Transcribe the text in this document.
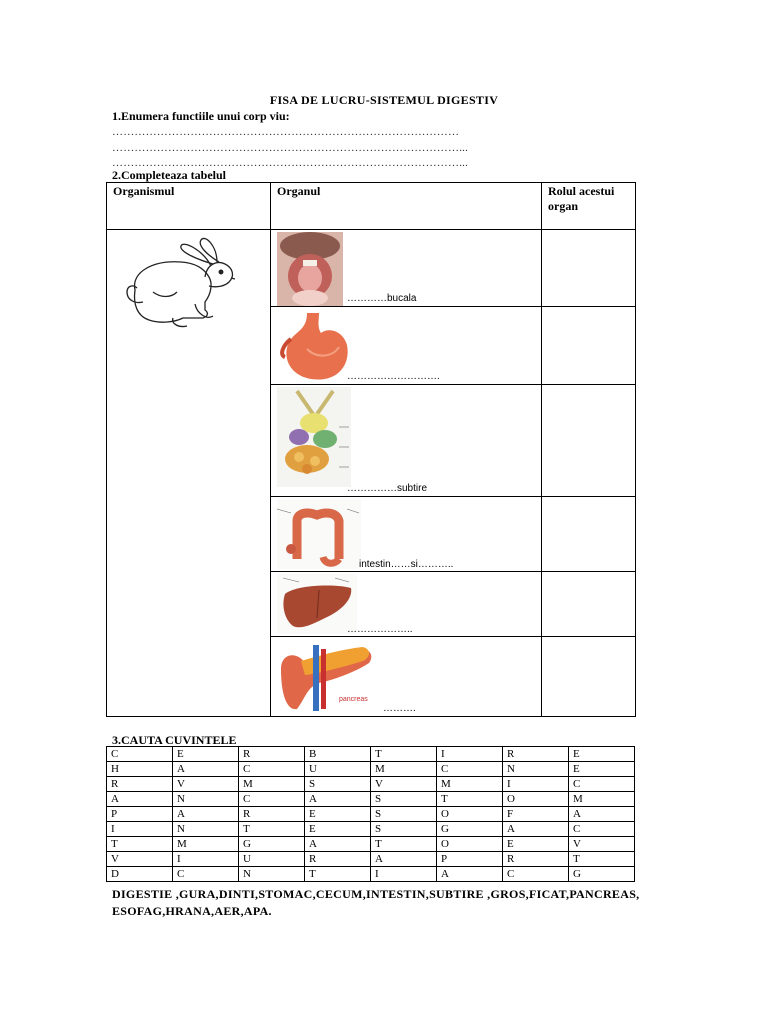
FISA DE LUCRU-SISTEMUL DIGESTIV
1.Enumera functiile unui corp viu:
…………………………………………………………………………………
…………………………………………………………………………………...
…………………………………………………………………………………...
2.Completeaza tabelul
Organismul	Organul	Rolul acestui organ

…………bucala	

	……………………….	

	……………subtire	

	intestin……si………..	

	………………..	

pancreas
……….	

3.CAUTA CUVINTELE
C	E	R	B	T	I	R	E
H	A	C	U	M	C	N	E
R	V	M	S	V	M	I	C
A	N	C	A	S	T	O	M
P	A	R	E	S	O	F	A
I	N	T	E	S	G	A	C
T	M	G	A	T	O	E	V
V	I	U	R	A	P	R	T
D	C	N	T	I	A	C	G
DIGESTIE ,GURA,DINTI,STOMAC,CECUM,INTESTIN,SUBTIRE ,GROS,FICAT,PANCREAS, ESOFAG,HRANA,AER,APA.
